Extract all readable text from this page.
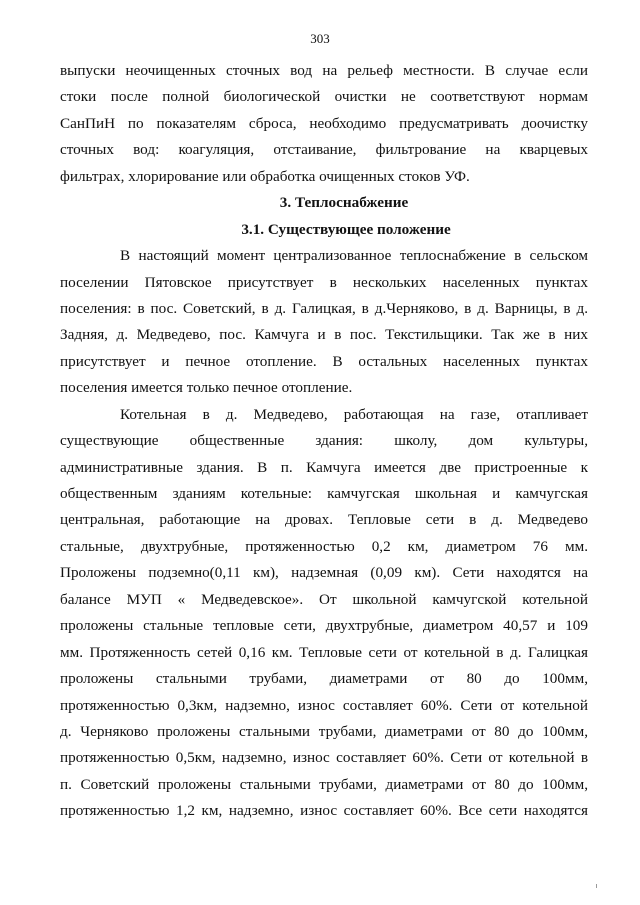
303
выпуски неочищенных сточных вод на рельеф местности. В случае если
стоки после полной биологической очистки не соответствуют нормам
СанПиН по показателям сброса, необходимо предусматривать доочистку
сточных вод: коагуляция, отстаивание, фильтрование на кварцевых
фильтрах, хлорирование или обработка очищенных стоков УФ.
3. Теплоснабжение
3.1. Существующее положение
В настоящий момент централизованное теплоснабжение в сельском
поселении Пятовское присутствует в нескольких населенных пунктах
поселения: в пос. Советский, в д. Галицкая, в д.Черняково, в д. Варницы, в д.
Задняя, д. Медведево, пос. Камчуга и в пос. Текстильщики. Так же в них
присутствует и печное отопление. В остальных населенных пунктах
поселения имеется только печное отопление.
Котельная в д. Медведево, работающая на газе, отапливает
существующие общественные здания: школу, дом культуры,
административные здания. В п. Камчуга имеется две пристроенные к
общественным зданиям котельные: камчугская школьная и камчугская
центральная, работающие на дровах. Тепловые сети в д. Медведево
стальные, двухтрубные, протяженностью 0,2 км, диаметром 76 мм.
Проложены подземно(0,11 км), надземная (0,09 км). Сети находятся на
балансе МУП « Медведевское». От школьной камчугской котельной
проложены стальные тепловые сети, двухтрубные, диаметром 40,57 и 109
мм. Протяженность сетей 0,16 км. Тепловые сети от котельной в д. Галицкая
проложены стальными трубами, диаметрами от 80 до 100мм,
протяженностью 0,3км, надземно, износ составляет 60%. Сети от котельной
д. Черняково проложены стальными трубами, диаметрами от 80 до 100мм,
протяженностью 0,5км, надземно, износ составляет 60%. Сети от котельной в
п. Советский проложены стальными трубами, диаметрами от 80 до 100мм,
протяженностью 1,2 км, надземно, износ составляет 60%. Все сети находятся
